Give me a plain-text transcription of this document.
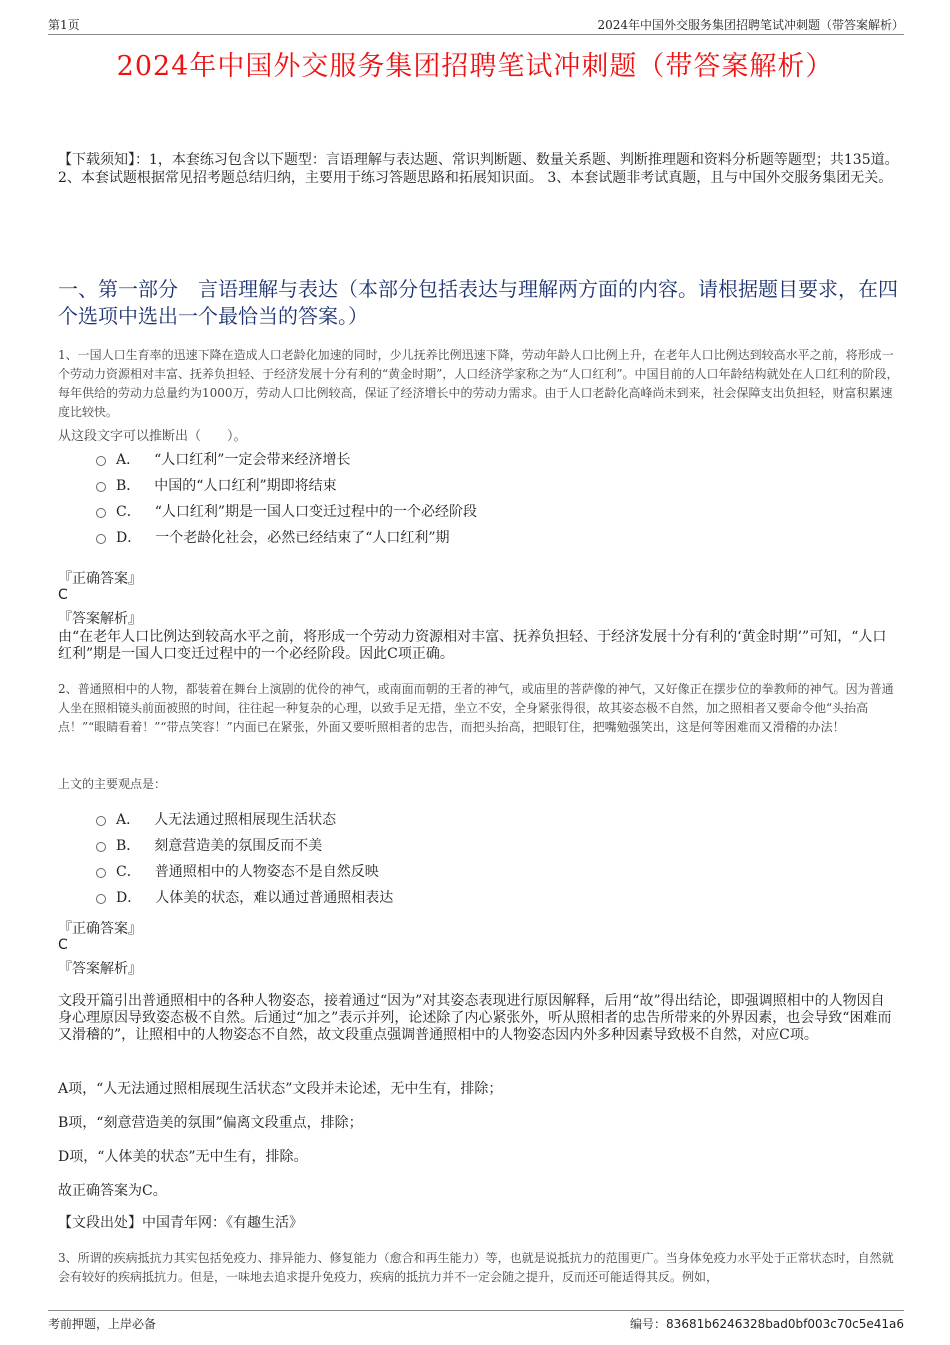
第1页	2024年中国外交服务集团招聘笔试冲刺题（带答案解析）
2024年中国外交服务集团招聘笔试冲刺题（带答案解析）
【下载须知】：1，本套练习包含以下题型：言语理解与表达题、常识判断题、数量关系题、判断推理题和资料分析题等题型；共135道。 2、本套试题根据常见招考题总结归纳，主要用于练习答题思路和拓展知识面。 3、本套试题非考试真题，且与中国外交服务集团无关。
一、第一部分　言语理解与表达（本部分包括表达与理解两方面的内容。请根据题目要求，在四个选项中选出一个最恰当的答案。）
1、一国人口生育率的迅速下降在造成人口老龄化加速的同时，少儿抚养比例迅速下降，劳动年龄人口比例上升，在老年人口比例达到较高水平之前，将形成一个劳动力资源相对丰富、抚养负担轻、于经济发展十分有利的“黄金时期”，人口经济学家称之为“人口红利”。中国目前的人口年龄结构就处在人口红利的阶段，每年供给的劳动力总量约为1000万，劳动人口比例较高，保证了经济增长中的劳动力需求。由于人口老龄化高峰尚未到来，社会保障支出负担轻，财富积累速度比较快。
从这段文字可以推断出（　　）。
A． “人口红利”一定会带来经济增长
B． 中国的“人口红利”期即将结束
C． “人口红利”期是一国人口变迁过程中的一个必经阶段
D． 一个老龄化社会，必然已经结束了“人口红利”期
『正确答案』
C
『答案解析』
由“在老年人口比例达到较高水平之前，将形成一个劳动力资源相对丰富、抚养负担轻、于经济发展十分有利的‘黄金时期’”可知，“人口红利”期是一国人口变迁过程中的一个必经阶段。因此C项正确。
2、普通照相中的人物，都装着在舞台上演剧的优伶的神气，或南面而朝的王者的神气，或庙里的菩萨像的神气，又好像正在摆步位的拳教师的神气。因为普通人坐在照相镜头前面被照的时间，往往起一种复杂的心理，以致手足无措，坐立不安，全身紧张得很，故其姿态极不自然，加之照相者又要命令他“头抬高点！”“眼睛看着！”“带点笑容！”内面已在紧张，外面又要听照相者的忠告，而把头抬高，把眼钉住，把嘴勉强笑出，这是何等困难而又滑稽的办法！
上文的主要观点是：
A． 人无法通过照相展现生活状态
B． 刻意营造美的氛围反而不美
C． 普通照相中的人物姿态不是自然反映
D． 人体美的状态，难以通过普通照相表达
『正确答案』
C
『答案解析』
文段开篇引出普通照相中的各种人物姿态，接着通过“因为”对其姿态表现进行原因解释，后用“故”得出结论，即强调照相中的人物因自身心理原因导致姿态极不自然。后通过“加之”表示并列，论述除了内心紧张外，听从照相者的忠告所带来的外界因素，也会导致“困难而又滑稽的”，让照相中的人物姿态不自然，故文段重点强调普通照相中的人物姿态因内外多种因素导致极不自然，对应C项。
A项，“人无法通过照相展现生活状态”文段并未论述，无中生有，排除；
B项，“刻意营造美的氛围”偏离文段重点，排除；
D项，“人体美的状态”无中生有，排除。
故正确答案为C。
【文段出处】中国青年网：《有趣生活》
3、所谓的疾病抵抗力其实包括免疫力、排异能力、修复能力（愈合和再生能力）等，也就是说抵抗力的范围更广。当身体免疫力水平处于正常状态时，自然就会有较好的疾病抵抗力。但是，一味地去追求提升免疫力，疾病的抵抗力并不一定会随之提升，反而还可能适得其反。例如，
考前押题，上岸必备	编号：83681b6246328bad0bf003c70c5e41a6
